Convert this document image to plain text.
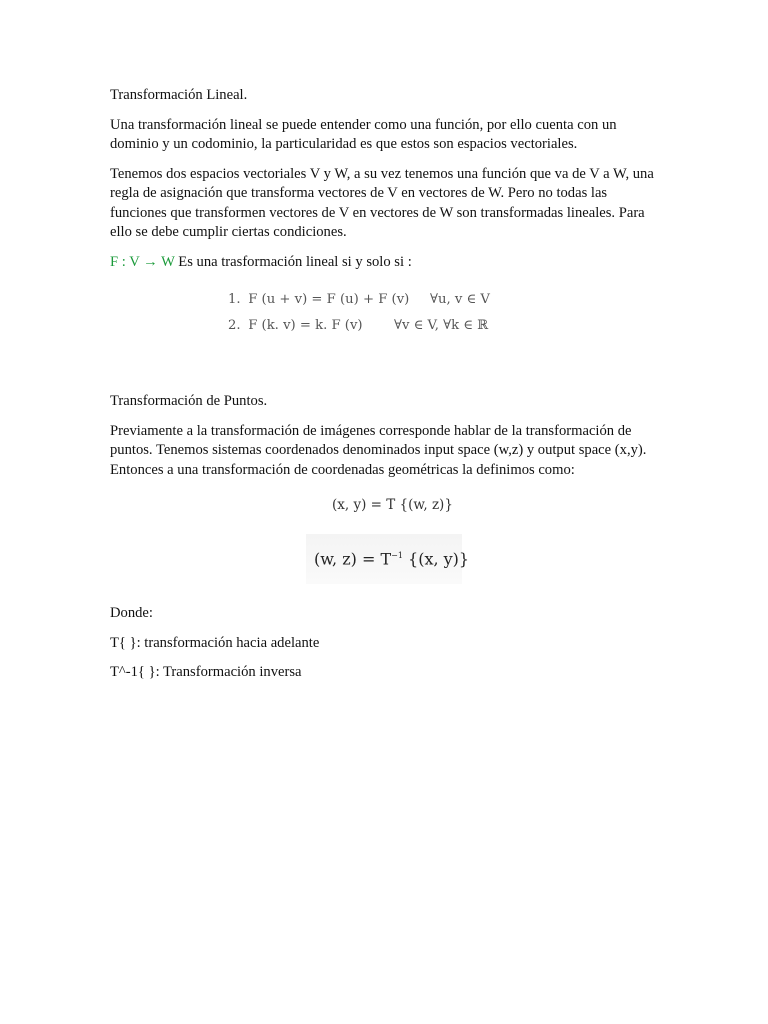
Transformación Lineal.

Una transformación lineal se puede entender como una función, por ello cuenta con un dominio y un codominio, la particularidad es que estos son espacios vectoriales.

Tenemos dos espacios vectoriales V y W, a su vez tenemos una función que va de V a W, una regla de asignación que transforma vectores de V en vectores de W. Pero no todas las funciones que transformen vectores de V en vectores de W son transformadas lineales. Para ello se debe cumplir ciertas condiciones.

F : V → W Es una trasformación lineal si y solo si :

1. F (u + v) = F (u) + F (v) ∀u, v ∈ V
2. F (k. v) = k. F (v) ∀v ∈ V, ∀k ∈ ℝ

Transformación de Puntos.

Previamente a la transformación de imágenes corresponde hablar de la transformación de puntos. Tenemos sistemas coordenados denominados input space (w,z) y output space (x,y). Entonces a una transformación de coordenadas geométricas la definimos como:

(x, y) = T {(w, z)}
(w, $z) = T^{-1}$ {(x, y)}

Donde:

T{ }: transformación hacia adelante

T^-1{ }: Transformación inversa
